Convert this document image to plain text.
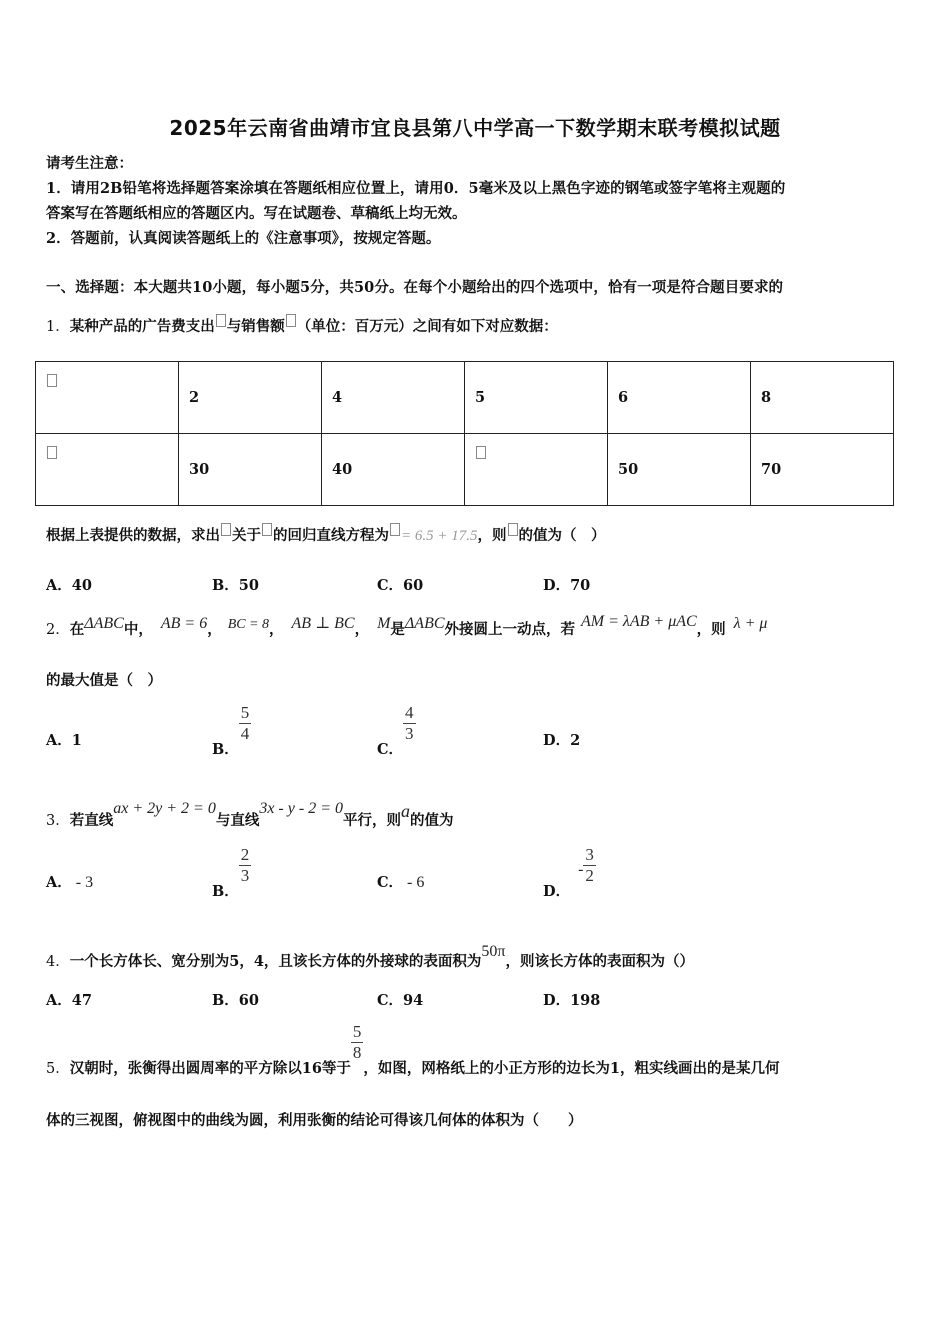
2025年云南省曲靖市宜良县第八中学高一下数学期末联考模拟试题
请考生注意：
1．请用2B铅笔将选择题答案涂填在答题纸相应位置上，请用0．5毫米及以上黑色字迹的钢笔或签字笔将主观题的
答案写在答题纸相应的答题区内。写在试题卷、草稿纸上均无效。
2．答题前，认真阅读答题纸上的《注意事项》，按规定答题。
一、选择题：本大题共10小题，每小题5分，共50分。在每个小题给出的四个选项中，恰有一项是符合题目要求的
1．某种产品的广告费支出 与销售额 （单位：百万元）之间有如下对应数据：
	2	4	5	6	8
	30	40		50	70
根据上表提供的数据，求出 关于 的回归直线方程为 = 6.5 + 17.5，则 的值为（　）
A．40	B．50	C．60	D．70
2．在ΔABC中， AB = 6， BC = 8， AB ⊥ BC， M是ΔABC外接圆上一动点，若 AM = λAB + μAC，则 λ + μ
的最大值是（　）
A．1	B．
$\frac{5}{4}$
C．
$\frac{4}{3}$	D．2
3．若直线ax + 2y + 2 = 0与直线3x - y - 2 = 0平行，则a的值为
A． - 3	B．
$\frac{2}{3}$	C． - 6	D．- $\frac{3}{2}$
4．一个长方体长、宽分别为5，4，且该长方体的外接球的表面积为50π，则该长方体的表面积为（）
A．47	B．60	C．94	D．198
5．汉朝时，张衡得出圆周率的平方除以16等于
$\frac{5}{8}$
，如图，网格纸上的小正方形的边长为1，粗实线画出的是某几何
体的三视图，俯视图中的曲线为圆，利用张衡的结论可得该几何体的体积为（　　）
